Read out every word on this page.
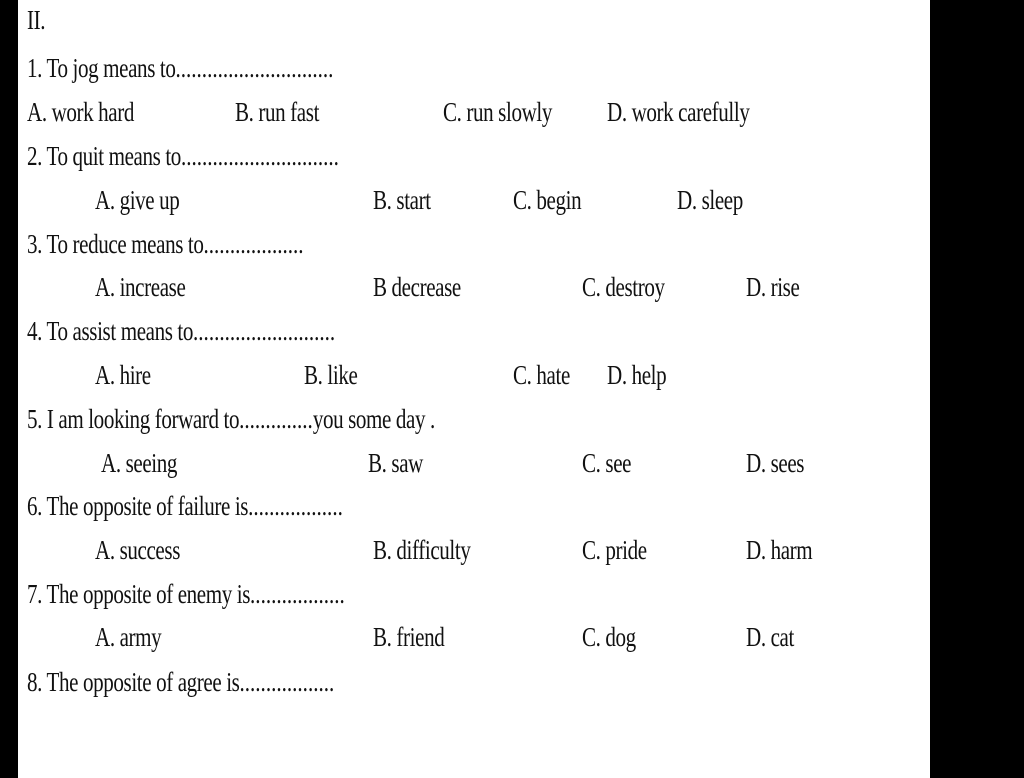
II.
1. To jog means to..............................
A. work hard	B. run fast	C. run slowly D. work carefully
2. To quit means to..............................
A. give up	B. start	C. begin	D. sleep
3. To reduce means to...................
A. increase	B decrease	C. destroy	D. rise
4. To assist means to...........................
A. hire	B. like	C. hate D. help
5. I am looking forward to..............you some day .
A. seeing	B. saw	C. see	D. sees
6. The opposite of failure is..................
A. success	B. difficulty	C. pride	D. harm
7. The opposite of enemy is..................
A. army	B. friend	C. dog	D. cat
8. The opposite of agree is..................
